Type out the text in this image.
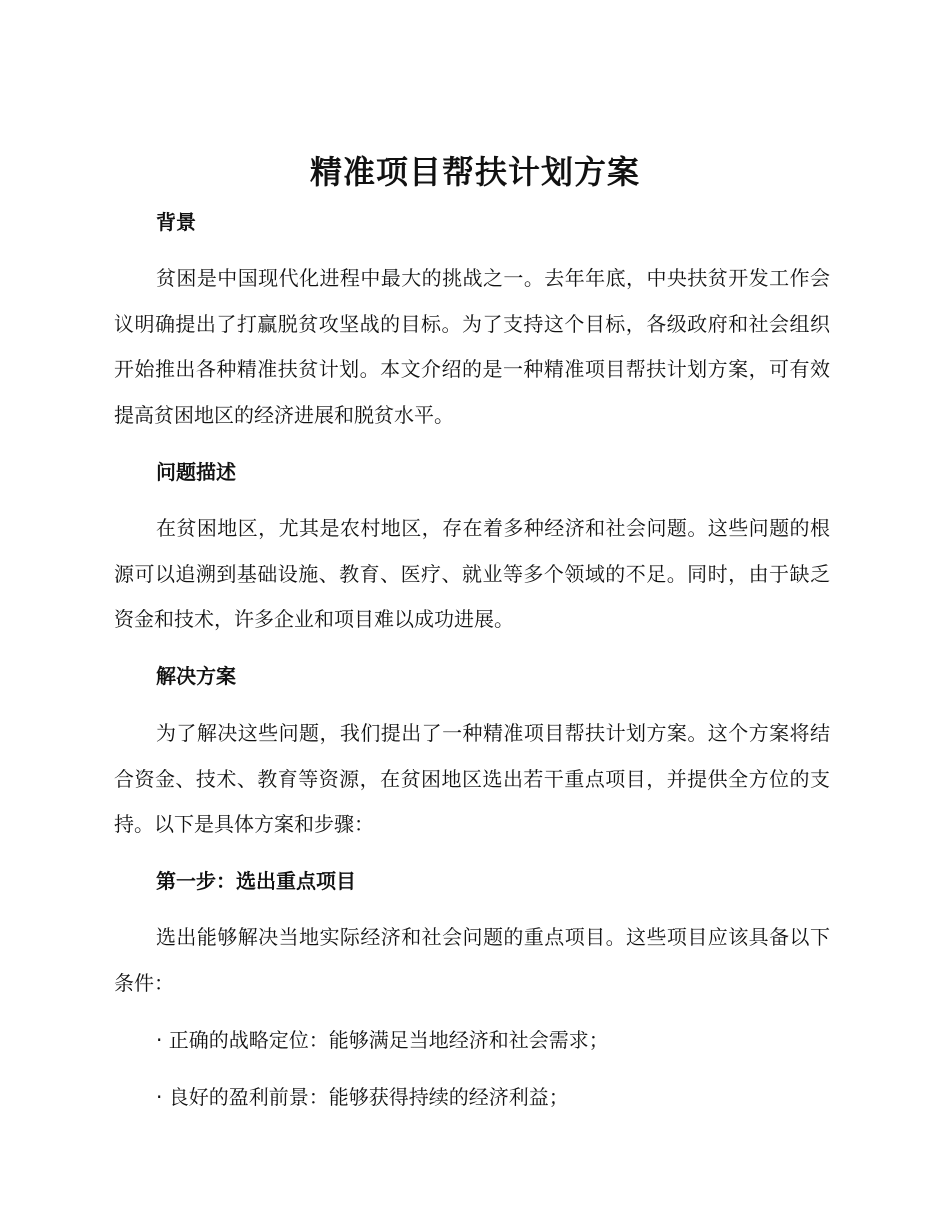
精准项目帮扶计划方案
背景
贫困是中国现代化进程中最大的挑战之一。去年年底，中央扶贫开发工作会议明确提出了打赢脱贫攻坚战的目标。为了支持这个目标，各级政府和社会组织开始推出各种精准扶贫计划。本文介绍的是一种精准项目帮扶计划方案，可有效提高贫困地区的经济进展和脱贫水平。
问题描述
在贫困地区，尤其是农村地区，存在着多种经济和社会问题。这些问题的根源可以追溯到基础设施、教育、医疗、就业等多个领域的不足。同时，由于缺乏资金和技术，许多企业和项目难以成功进展。
解决方案
为了解决这些问题，我们提出了一种精准项目帮扶计划方案。这个方案将结合资金、技术、教育等资源，在贫困地区选出若干重点项目，并提供全方位的支持。以下是具体方案和步骤：
第一步：选出重点项目
选出能够解决当地实际经济和社会问题的重点项目。这些项目应该具备以下条件：
· 正确的战略定位：能够满足当地经济和社会需求；
· 良好的盈利前景：能够获得持续的经济利益；
